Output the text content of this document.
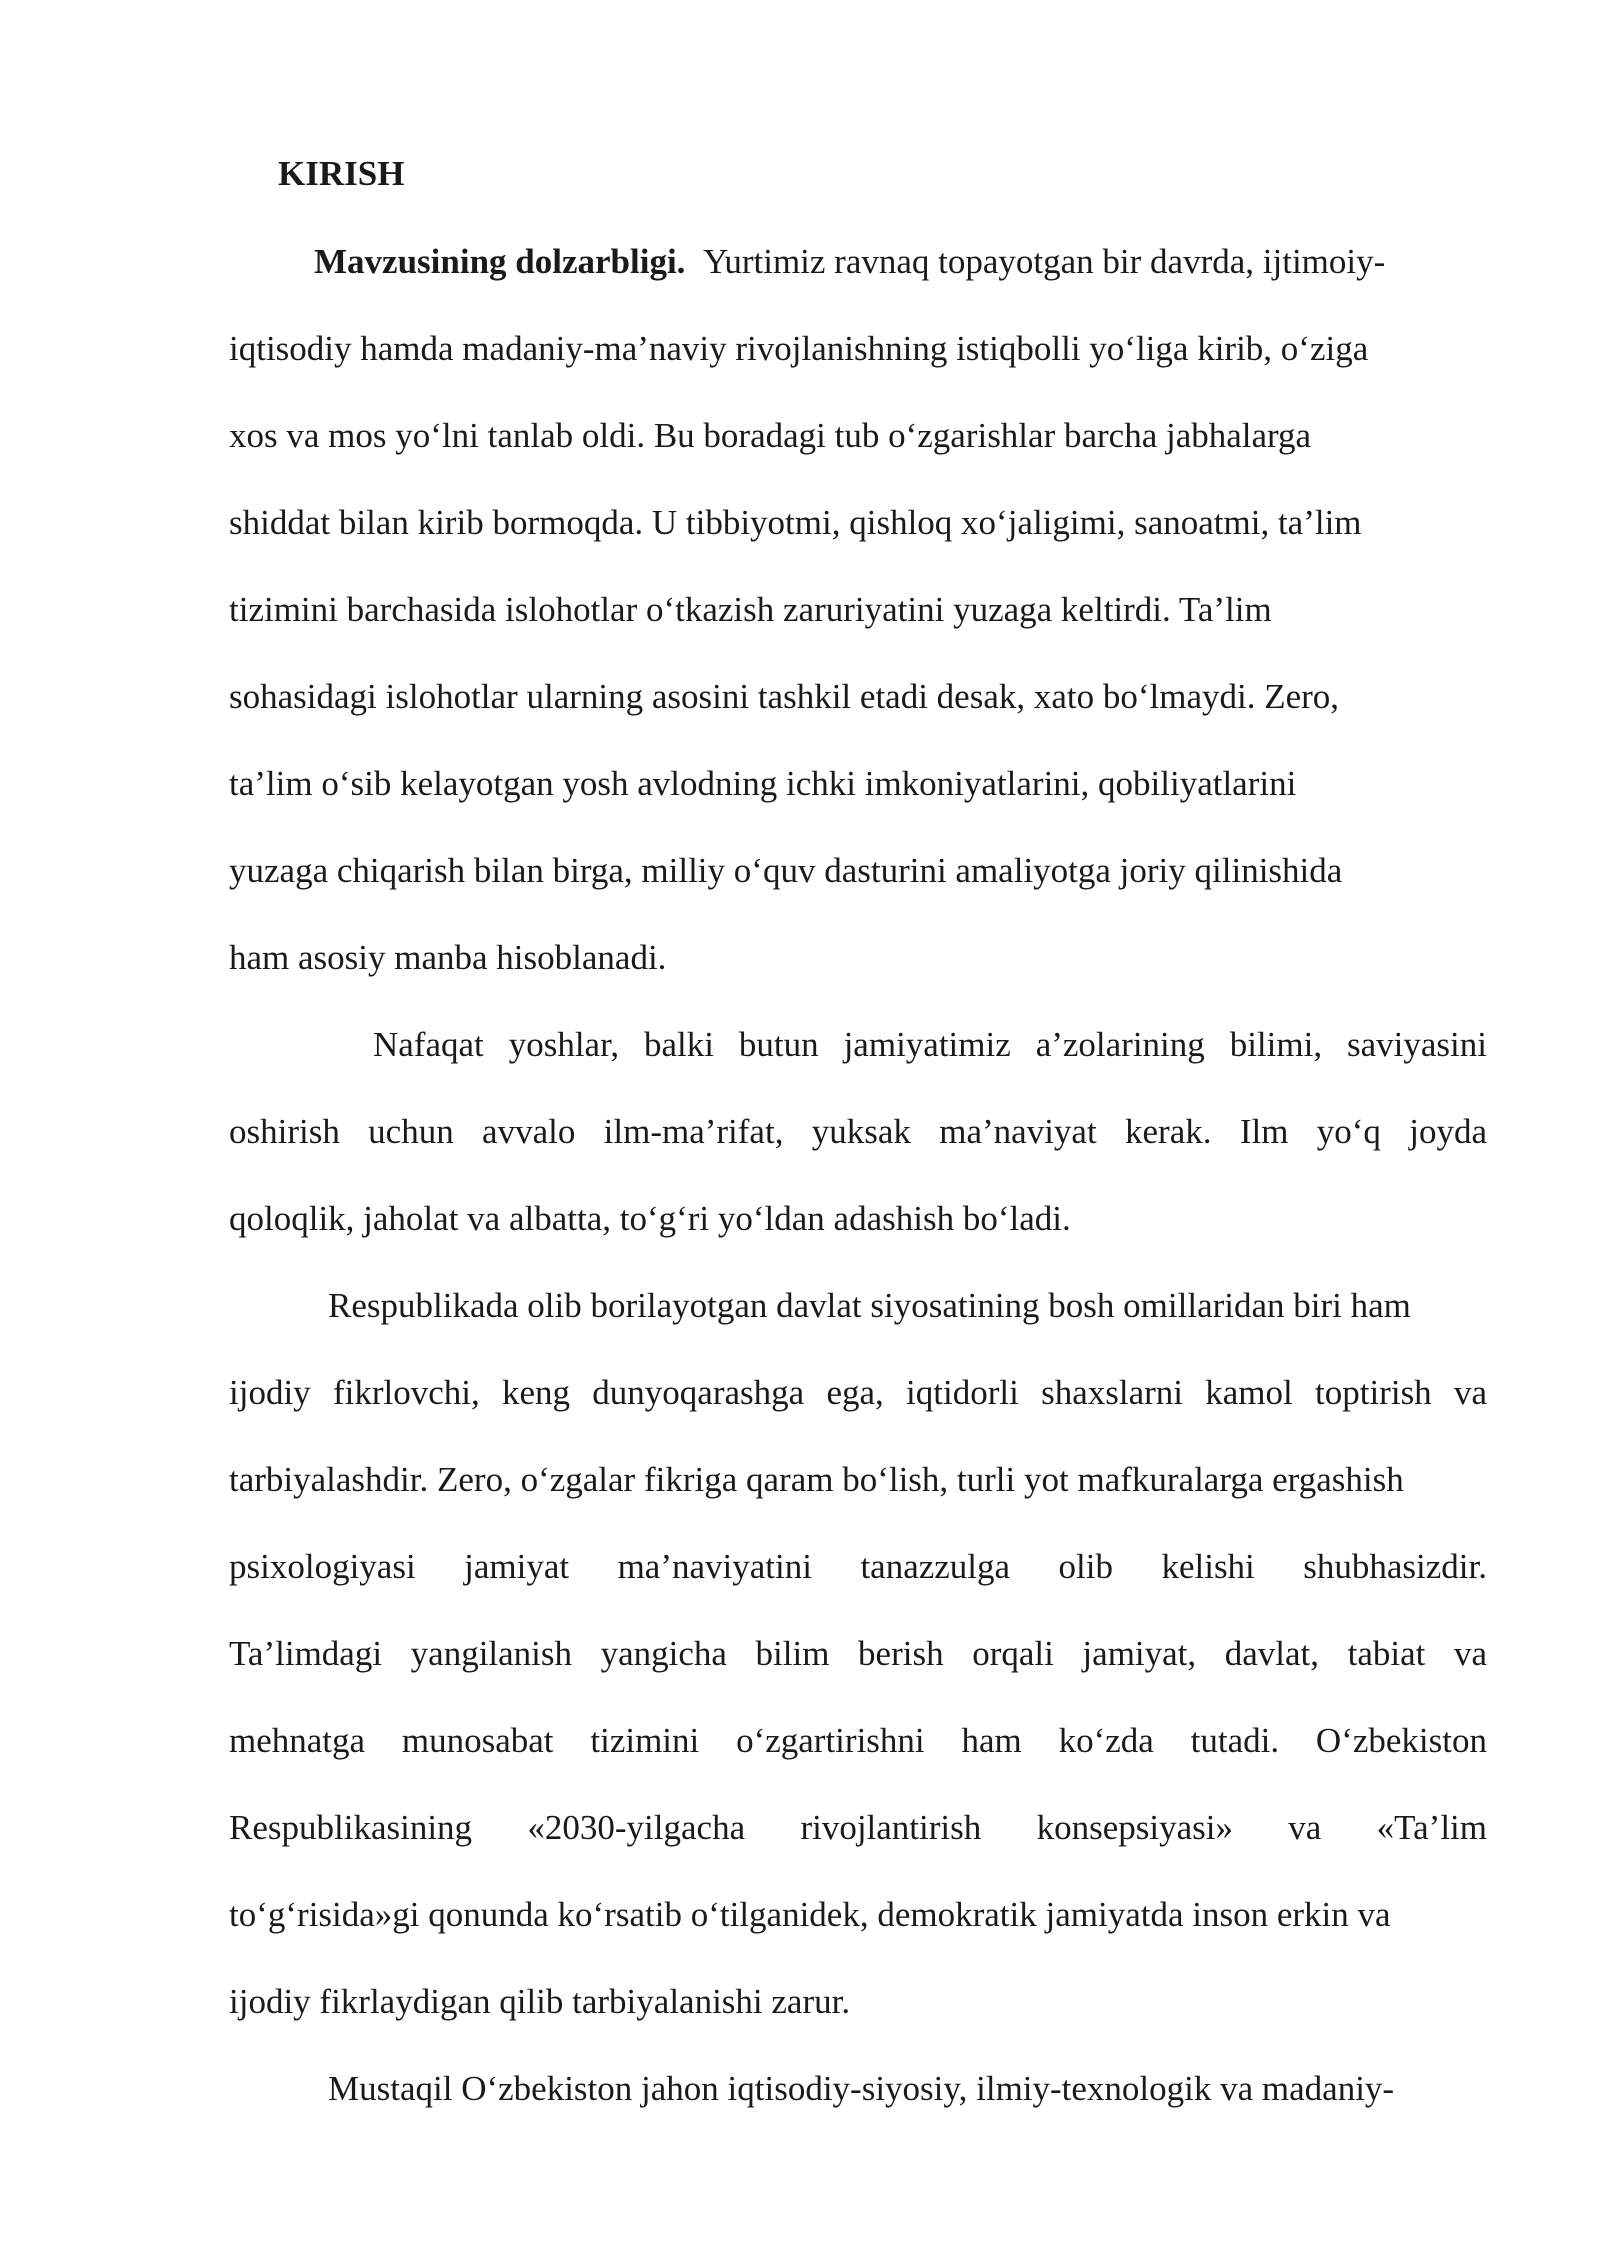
KIRISH
Mavzusining dolzarbligi. Yurtimiz ravnaq topayotgan bir davrda, ijtimoiy-
iqtisodiy hamda madaniy-ma’naviy rivojlanishning istiqbolli yo‘liga kirib, o‘ziga
xos va mos yo‘lni tanlab oldi. Bu boradagi tub o‘zgarishlar barcha jabhalarga
shiddat bilan kirib bormoqda. U tibbiyotmi, qishloq xo‘jaligimi, sanoatmi, ta’lim
tizimini barchasida islohotlar o‘tkazish zaruriyatini yuzaga keltirdi. Ta’lim
sohasidagi islohotlar ularning asosini tashkil etadi desak, xato bo‘lmaydi. Zero,
ta’lim o‘sib kelayotgan yosh avlodning ichki imkoniyatlarini, qobiliyatlarini
yuzaga chiqarish bilan birga, milliy o‘quv dasturini amaliyotga joriy qilinishida
ham asosiy manba hisoblanadi.
Nafaqat yoshlar, balki butun jamiyatimiz a’zolarining bilimi, saviyasini
oshirish uchun avvalo ilm-ma’rifat, yuksak ma’naviyat kerak. Ilm yo‘q joyda
qoloqlik, jaholat va albatta, to‘g‘ri yo‘ldan adashish bo‘ladi.
Respublikada olib borilayotgan davlat siyosatining bosh omillaridan biri ham
ijodiy fikrlovchi, keng dunyoqarashga ega, iqtidorli shaxslarni kamol toptirish va
tarbiyalashdir. Zero, o‘zgalar fikriga qaram bo‘lish, turli yot mafkuralarga ergashish
psixologiyasi jamiyat ma’naviyatini tanazzulga olib kelishi shubhasizdir.
Ta’limdagi yangilanish yangicha bilim berish orqali jamiyat, davlat, tabiat va
mehnatga munosabat tizimini o‘zgartirishni ham ko‘zda tutadi. O‘zbekiston
Respublikasining «2030-yilgacha rivojlantirish konsepsiyasi» va «Ta’lim
to‘g‘risida»gi qonunda ko‘rsatib o‘tilganidek, demokratik jamiyatda inson erkin va
ijodiy fikrlaydigan qilib tarbiyalanishi zarur.
Mustaqil O‘zbekiston jahon iqtisodiy-siyosiy, ilmiy-texnologik va madaniy-
